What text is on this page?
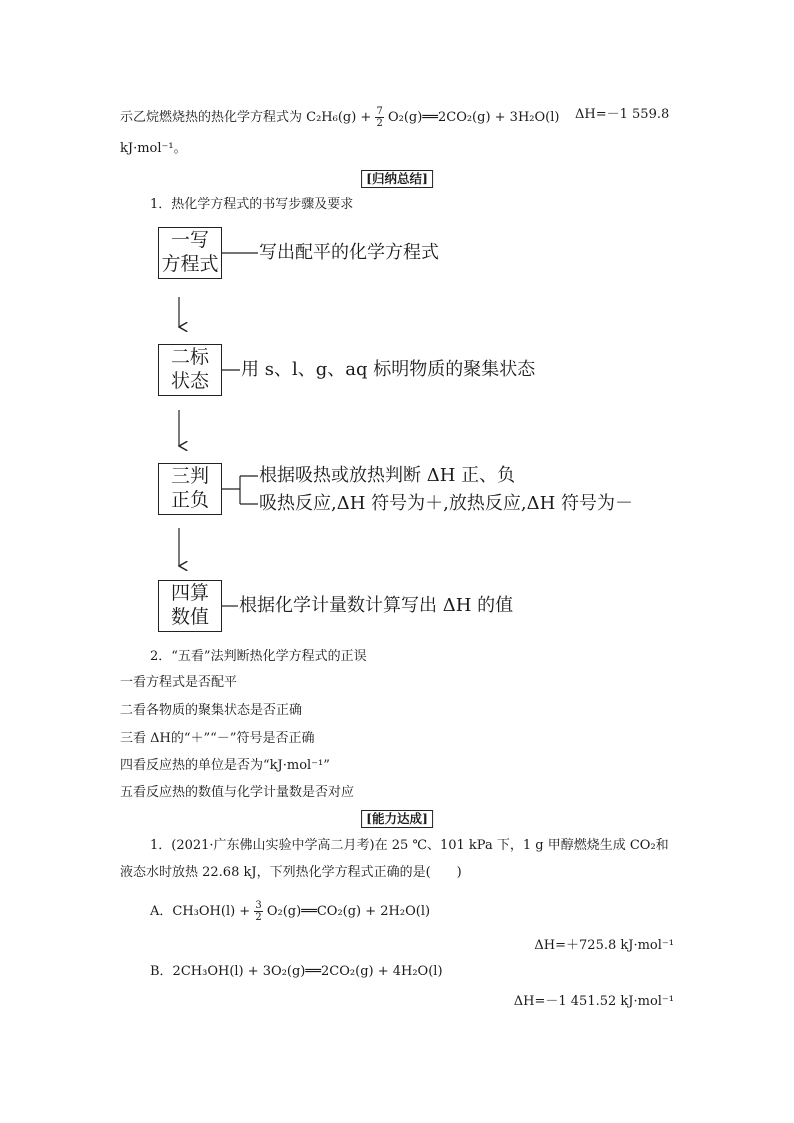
示乙烷燃烧热的热化学方程式为 $C_2H_6(g) + \frac{7}{2}$ O₂(g)══2CO₂(g) + 3H₂O(l) ΔH=－1 559.8
kJ·mol⁻¹。
[归纳总结]
1．热化学方程式的书写步骤及要求
一写
方程式
写出配平的化学方程式
二标
状态
用 s、l、g、aq 标明物质的聚集状态
三判
正负
根据吸热或放热判断 ΔH 正、负
吸热反应,ΔH 符号为＋,放热反应,ΔH 符号为－
四算
数值
根据化学计量数计算写出 ΔH 的值
2．“五看”法判断热化学方程式的正误
一看方程式是否配平
二看各物质的聚集状态是否正确
三看 ΔH的“＋”“－”符号是否正确
四看反应热的单位是否为“kJ·mol⁻¹”
五看反应热的数值与化学计量数是否对应
[能力达成]
1．(2021·广东佛山实验中学高二月考)在 25 ℃、101 kPa 下，1 g 甲醇燃烧生成 CO₂和
液态水时放热 22.68 kJ，下列热化学方程式正确的是(　　)
A．$CH_3OH(l) + \frac{3}{2}$ O₂(g)══CO₂(g) + 2H₂O(l)
ΔH=＋725.8 kJ·mol⁻¹
B．2CH₃OH(l) + 3O₂(g)══2CO₂(g) + 4H₂O(l)
ΔH=－1 451.52 kJ·mol⁻¹
